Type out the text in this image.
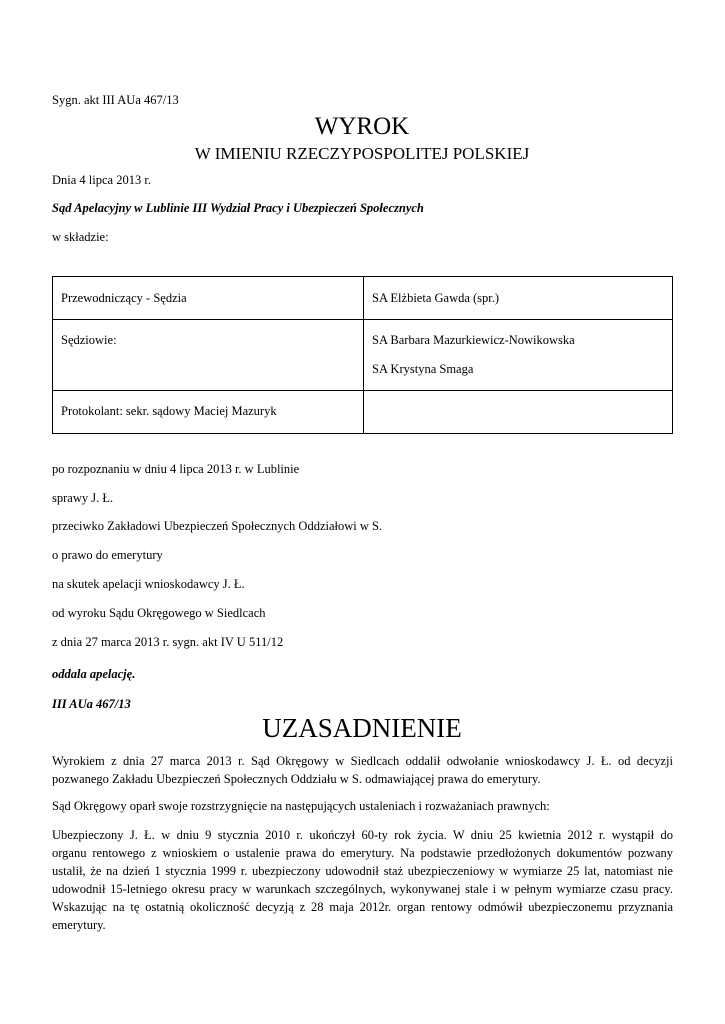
Sygn. akt III AUa 467/13

WYROK
W IMIENIU RZECZYPOSPOLITEJ POLSKIEJ

Dnia 4 lipca 2013 r.

Sąd Apelacyjny w Lublinie III Wydział Pracy i Ubezpieczeń Społecznych

w składzie:

Przewodniczący - Sędzia	SA Elżbieta Gawda (spr.)

Sędziowie:	SA Barbara Mazurkiewicz-Nowikowska
SA Krystyna Smaga

Protokolant: sekr. sądowy Maciej Mazuryk	

po rozpoznaniu w dniu 4 lipca 2013 r. w Lublinie

sprawy J. Ł.

przeciwko Zakładowi Ubezpieczeń Społecznych Oddziałowi w S.

o prawo do emerytury

na skutek apelacji wnioskodawcy J. Ł.

od wyroku Sądu Okręgowego w Siedlcach

z dnia 27 marca 2013 r. sygn. akt IV U 511/12

oddala apelację.

III AUa 467/13

UZASADNIENIE
Wyrokiem z dnia 27 marca 2013 r. Sąd Okręgowy w Siedlcach oddalił odwołanie wnioskodawcy J. Ł. od decyzji
pozwanego Zakładu Ubezpieczeń Społecznych Oddziału w S. odmawiającej prawa do emerytury.

Sąd Okręgowy oparł swoje rozstrzygnięcie na następujących ustaleniach i rozważaniach prawnych:

Ubezpieczony J. Ł. w dniu 9 stycznia 2010 r. ukończył 60-ty rok życia. W dniu 25 kwietnia 2012 r. wystąpił do
organu rentowego z wnioskiem o ustalenie prawa do emerytury. Na podstawie przedłożonych dokumentów pozwany
ustalił, że na dzień 1 stycznia 1999 r. ubezpieczony udowodnił staż ubezpieczeniowy w wymiarze 25 lat, natomiast nie
udowodnił 15-letniego okresu pracy w warunkach szczególnych, wykonywanej stale i w pełnym wymiarze czasu pracy.
Wskazując na tę ostatnią okoliczność decyzją z 28 maja 2012r. organ rentowy odmówił ubezpieczonemu przyznania
emerytury.
